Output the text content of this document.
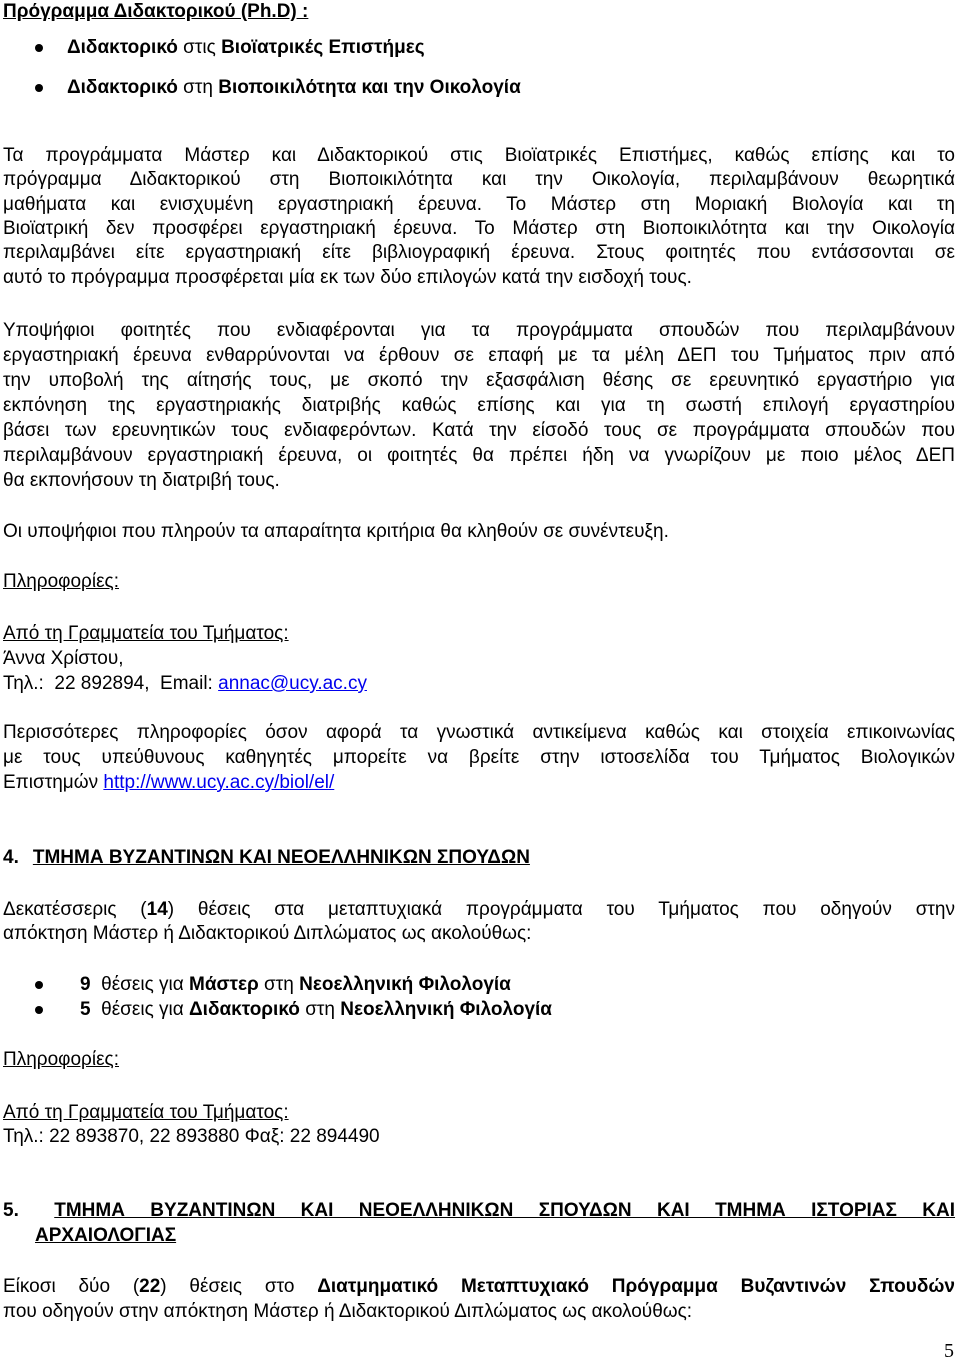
Πρόγραμμα Διδακτορικού (Ph.D) :
Διδακτορικό στις Βιοϊατρικές Επιστήμες
Διδακτορικό στη Βιοποικιλότητα και την Οικολογία
Τα προγράμματα Μάστερ και Διδακτορικού στις Βιοϊατρικές Επιστήμες, καθώς επίσης και το
πρόγραμμα Διδακτορικού στη Βιοποικιλότητα και την Οικολογία, περιλαμβάνουν θεωρητικά
μαθήματα και ενισχυμένη εργαστηριακή έρευνα. Το Μάστερ στη Μοριακή Βιολογία και τη
Βιοϊατρική δεν προσφέρει εργαστηριακή έρευνα. Το Μάστερ στη Βιοποικιλότητα και την Οικολογία
περιλαμβάνει είτε εργαστηριακή είτε βιβλιογραφική έρευνα. Στους φοιτητές που εντάσσονται σε
αυτό το πρόγραμμα προσφέρεται μία εκ των δύο επιλογών κατά την εισδοχή τους.
Υποψήφιοι φοιτητές που ενδιαφέρονται για τα προγράμματα σπουδών που περιλαμβάνουν
εργαστηριακή έρευνα ενθαρρύνονται να έρθουν σε επαφή με τα μέλη ΔΕΠ του Τμήματος πριν από
την υποβολή της αίτησής τους, με σκοπό την εξασφάλιση θέσης σε ερευνητικό εργαστήριο για
εκπόνηση της εργαστηριακής διατριβής καθώς επίσης και για τη σωστή επιλογή εργαστηρίου
βάσει των ερευνητικών τους ενδιαφερόντων. Κατά την είσοδό τους σε προγράμματα σπουδών που
περιλαμβάνουν εργαστηριακή έρευνα, οι φοιτητές θα πρέπει ήδη να γνωρίζουν με ποιο μέλος ΔΕΠ
θα εκπονήσουν τη διατριβή τους.
Οι υποψήφιοι που πληρούν τα απαραίτητα κριτήρια θα κληθούν σε συνέντευξη.
Πληροφορίες:
Από τη Γραμματεία του Τμήματος:
Άννα Χρίστου,
Τηλ.:  22 892894,  Email: annac@ucy.ac.cy
Περισσότερες πληροφορίες όσον αφορά τα γνωστικά αντικείμενα καθώς και στοιχεία επικοινωνίας
με τους υπεύθυνους καθηγητές μπορείτε να βρείτε στην ιστοσελίδα του Τμήματος Βιολογικών
Επιστημών http://www.ucy.ac.cy/biol/el/
4. ΤΜΗΜΑ ΒΥΖΑΝΤΙΝΩΝ ΚΑΙ ΝΕΟΕΛΛΗΝΙΚΩΝ ΣΠΟΥΔΩΝ
Δεκατέσσερις (14) θέσεις στα μεταπτυχιακά προγράμματα του Τμήματος που οδηγούν στην
απόκτηση Μάστερ ή Διδακτορικού Διπλώματος ως ακολούθως:
9  θέσεις για Μάστερ στη Νεοελληνική Φιλολογία
5  θέσεις για Διδακτορικό στη Νεοελληνική Φιλολογία
Πληροφορίες:
Από τη Γραμματεία του Τμήματος:
Τηλ.: 22 893870, 22 893880 Φαξ: 22 894490
5. ΤΜΗΜΑ ΒΥΖΑΝΤΙΝΩΝ ΚΑΙ ΝΕΟΕΛΛΗΝΙΚΩΝ ΣΠΟΥΔΩΝ ΚΑΙ ΤΜΗΜΑ ΙΣΤΟΡΙΑΣ ΚΑΙ
ΑΡΧΑΙΟΛΟΓΙΑΣ
Είκοσι δύο (22) θέσεις στο Διατμηματικό Μεταπτυχιακό Πρόγραμμα Βυζαντινών Σπουδών
που οδηγούν στην απόκτηση Μάστερ ή Διδακτορικού Διπλώματος ως ακολούθως:
5
